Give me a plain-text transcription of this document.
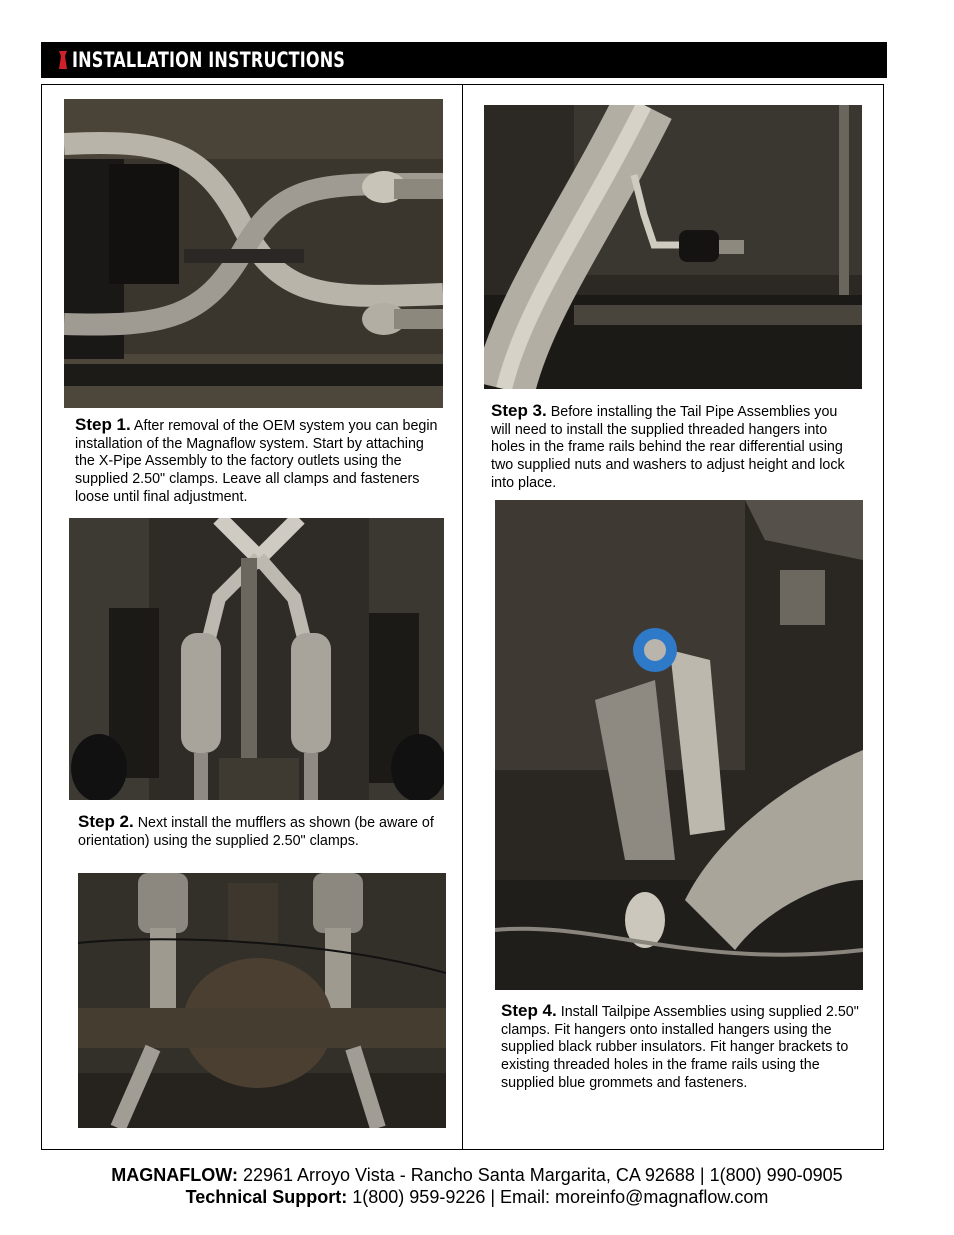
INSTALLATION INSTRUCTIONS
Step 1. After removal of the OEM system you can begin installation of the Magnaflow system. Start by attaching the X-Pipe Assembly to the factory outlets using the supplied 2.50" clamps. Leave all clamps and fasteners loose until final adjustment.
Step 2. Next install the mufflers as shown (be aware of orientation) using the supplied 2.50" clamps.
Step 3. Before installing the Tail Pipe Assemblies you will need to install the supplied threaded hangers into holes in the frame rails behind the rear differential using two supplied nuts and washers to adjust height and lock into place.
Step 4. Install Tailpipe Assemblies using supplied 2.50" clamps. Fit hangers onto installed hangers using the supplied black rubber insulators. Fit hanger brackets to existing threaded holes in the frame rails using the supplied blue grommets and fasteners.
MAGNAFLOW: 22961 Arroyo Vista - Rancho Santa Margarita, CA 92688 | 1(800) 990-0905
Technical Support: 1(800) 959-9226 | Email: moreinfo@magnaflow.com
